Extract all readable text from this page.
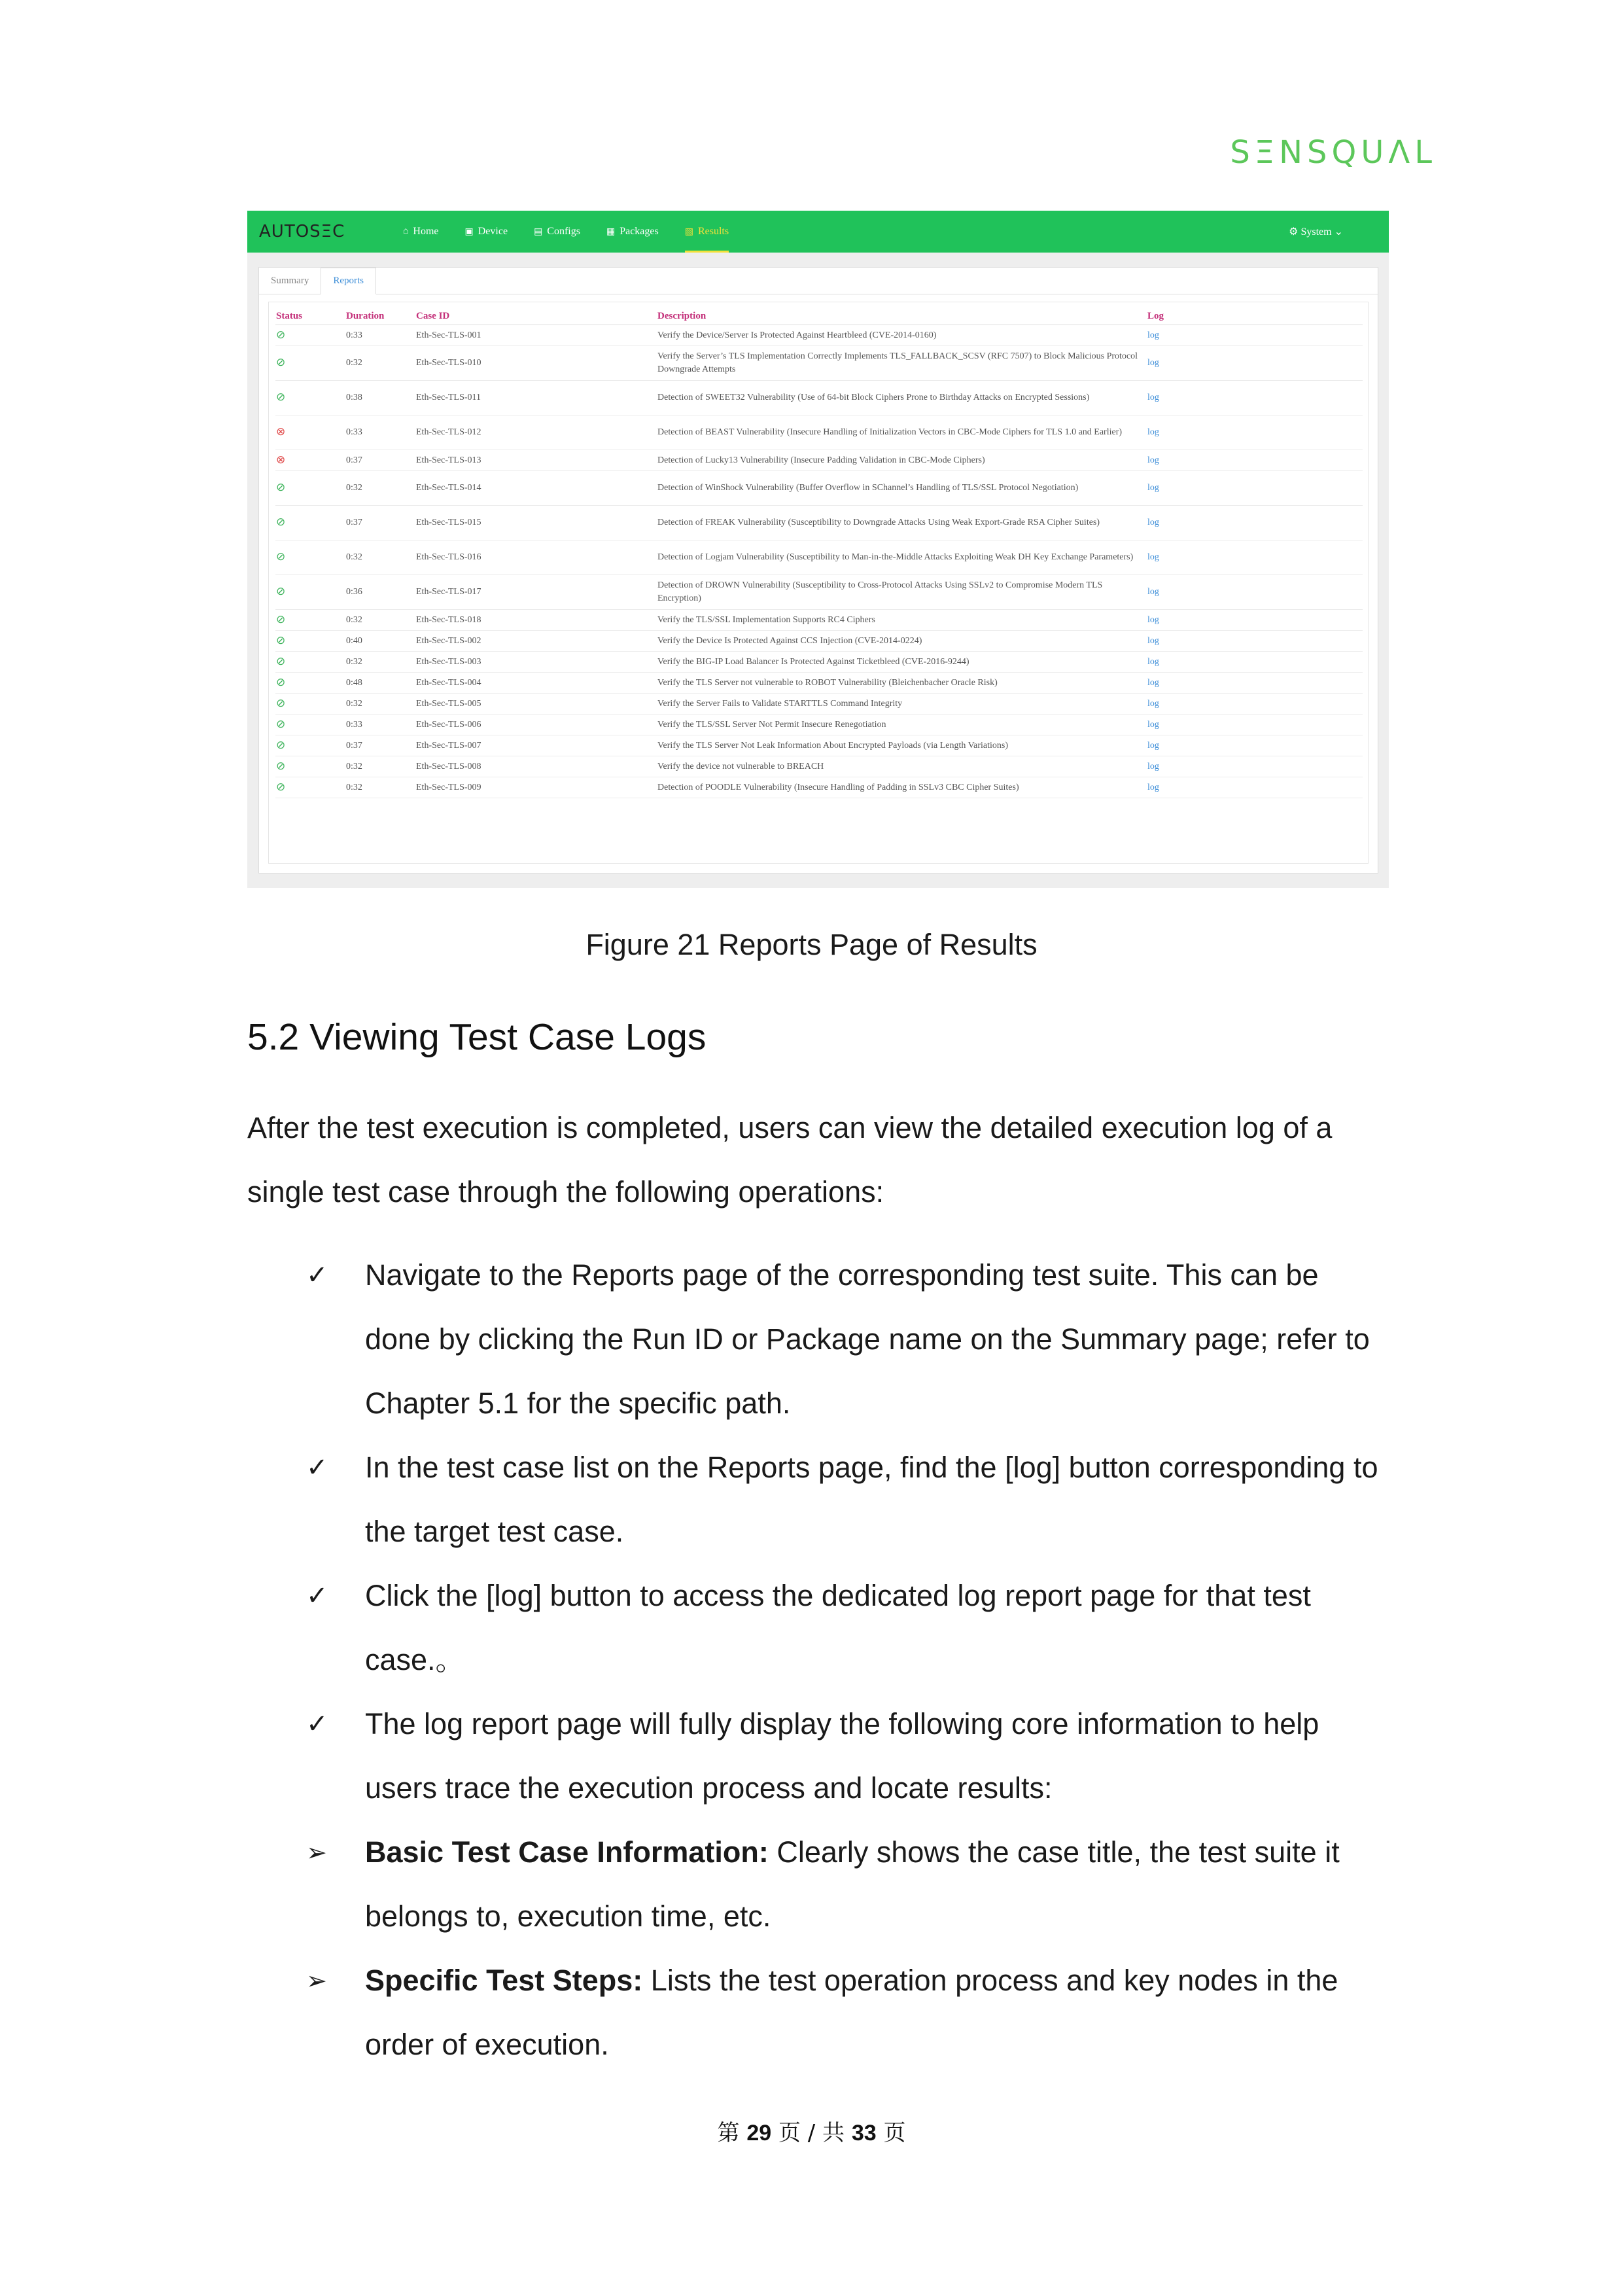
SΞNSQUΛL
AUTOSΞC	⌂ Home	▣ Device	▤ Configs	▦ Packages	▧ Results	⚙ System ⌄
Summary	Reports
Status	Duration	Case ID	Description	Log
⊘	0:33	Eth-Sec-TLS-001	Verify the Device/Server Is Protected Against Heartbleed (CVE-2014-0160)	log
⊘	0:32	Eth-Sec-TLS-010	Verify the Server’s TLS Implementation Correctly Implements TLS_FALLBACK_SCSV (RFC 7507) to Block Malicious Protocol Downgrade Attempts	log
⊘	0:38	Eth-Sec-TLS-011	Detection of SWEET32 Vulnerability (Use of 64-bit Block Ciphers Prone to Birthday Attacks on Encrypted Sessions)	log
⊗	0:33	Eth-Sec-TLS-012	Detection of BEAST Vulnerability (Insecure Handling of Initialization Vectors in CBC-Mode Ciphers for TLS 1.0 and Earlier)	log
⊗	0:37	Eth-Sec-TLS-013	Detection of Lucky13 Vulnerability (Insecure Padding Validation in CBC-Mode Ciphers)	log
⊘	0:32	Eth-Sec-TLS-014	Detection of WinShock Vulnerability (Buffer Overflow in SChannel’s Handling of TLS/SSL Protocol Negotiation)	log
⊘	0:37	Eth-Sec-TLS-015	Detection of FREAK Vulnerability (Susceptibility to Downgrade Attacks Using Weak Export-Grade RSA Cipher Suites)	log
⊘	0:32	Eth-Sec-TLS-016	Detection of Logjam Vulnerability (Susceptibility to Man-in-the-Middle Attacks Exploiting Weak DH Key Exchange Parameters)	log
⊘	0:36	Eth-Sec-TLS-017	Detection of DROWN Vulnerability (Susceptibility to Cross-Protocol Attacks Using SSLv2 to Compromise Modern TLS Encryption)	log
⊘	0:32	Eth-Sec-TLS-018	Verify the TLS/SSL Implementation Supports RC4 Ciphers	log
⊘	0:40	Eth-Sec-TLS-002	Verify the Device Is Protected Against CCS Injection (CVE-2014-0224)	log
⊘	0:32	Eth-Sec-TLS-003	Verify the BIG-IP Load Balancer Is Protected Against Ticketbleed (CVE-2016-9244)	log
⊘	0:48	Eth-Sec-TLS-004	Verify the TLS Server not vulnerable to ROBOT Vulnerability (Bleichenbacher Oracle Risk)	log
⊘	0:32	Eth-Sec-TLS-005	Verify the Server Fails to Validate STARTTLS Command Integrity	log
⊘	0:33	Eth-Sec-TLS-006	Verify the TLS/SSL Server Not Permit Insecure Renegotiation	log
⊘	0:37	Eth-Sec-TLS-007	Verify the TLS Server Not Leak Information About Encrypted Payloads (via Length Variations)	log
⊘	0:32	Eth-Sec-TLS-008	Verify the device not vulnerable to BREACH	log
⊘	0:32	Eth-Sec-TLS-009	Detection of POODLE Vulnerability (Insecure Handling of Padding in SSLv3 CBC Cipher Suites)	log
Figure 21 Reports Page of Results
5.2 Viewing Test Case Logs
After the test execution is completed, users can view the detailed execution log of a single test case through the following operations:
✓	Navigate to the Reports page of the corresponding test suite. This can be done by clicking the Run ID or Package name on the Summary page; refer to Chapter 5.1 for the specific path.
✓	In the test case list on the Reports page, find the [log] button corresponding to the target test case.
✓	Click the [log] button to access the dedicated log report page for that test case.。
✓	The log report page will fully display the following core information to help users trace the execution process and locate results:
➢	Basic Test Case Information: Clearly shows the case title, the test suite it belongs to, execution time, etc.
➢	Specific Test Steps: Lists the test operation process and key nodes in the order of execution.
第 29 页 / 共 33 页
